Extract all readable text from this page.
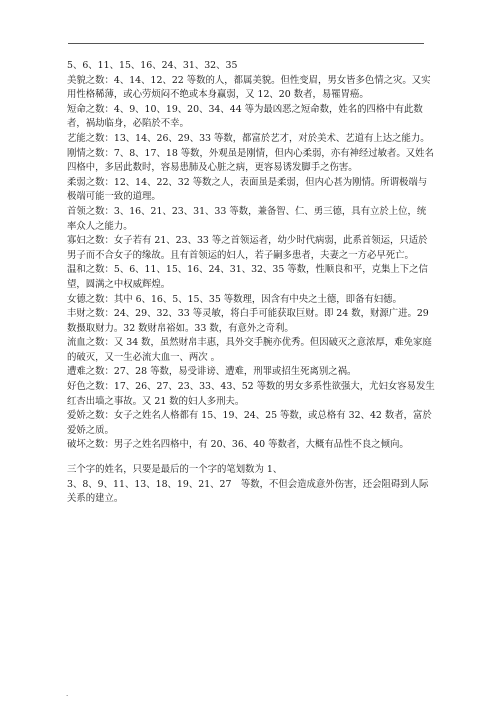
5、6、11、15、16、24、31、32、35

美貌之数：4、14、12、22 等数的人，都属美貌。但性变眉，男女皆多色情之灾。又实用性格稀薄，或心劳烦闷不绝或本身赢弱，又 12、20 数者，易罹胃癌。

短命之数：4、9、10、19、20、34、44 等为最凶恶之短命数，姓名的四格中有此数者，祸劫临身，必陷於不幸。

艺能之数：13、14、26、29、33 等数，都富於艺才，对於美术、艺道有上达之能力。

刚情之数：7、8、17、18 等数，外观虽是刚情，但内心柔弱，亦有神经过敏者。又姓名四格中，多居此数时，容易患肺及心脏之病，更容易诱发脚手之伤害。

柔弱之数：12、14、22、32 等数之人，表面虽是柔弱，但内心甚为刚情。所谓极端与极端可能一致的道理。

首领之数：3、16、21、23、31、33 等数，兼备智、仁、勇三德，具有立於上位，统率众人之能力。

寡妇之数：女子若有 21、23、33 等之首领运者，幼少时代病弱，此系首领运，只适於男子而不合女子的缘故。且有首领运的妇人，若子嗣多患者，夫妻之一方必早死亡。

温和之数：5、6、11、15、16、24、31、32、35 等数，性顺良和平，克集上下之信望，圆满之中权威辉煌。

女德之数：其中 6、16、5、15、35 等数理，因含有中央之土德，即备有妇德。

丰财之数：24、29、32、33 等灵敏，将白手可能获取巨财。即 24 数，财源广进。29 数摄取财力。32 数财帛裕如。33 数，有意外之奇利。

流血之数：又 34 数，虽然财帛丰惠，具外交手腕亦优秀。但因破灭之意浓厚，难免家庭的破灭，又一生必流大血一、两次 。

遭难之数：27、28 等数，易受诽谤、遭难，刑罪或招生死离别之祸。

好色之数：17、26、27、23、33、43、52 等数的男女多系性欲强大，尤妇女容易发生红杏出墙之事故。又 21 数的妇人多刑夫。

爱娇之数：女子之姓名人格都有 15、19、24、25 等数，或总格有 32、42 数者，富於爱娇之质。

破坏之数：男子之姓名四格中，有 20、36、40 等数者，大概有品性不良之倾向。

三个字的姓名，只要是最后的一个字的笔划数为 1、

3、8、9、11、13、18、19、21、27　等数，不但会造成意外伤害，还会阻碍到人际关系的建立。

.
